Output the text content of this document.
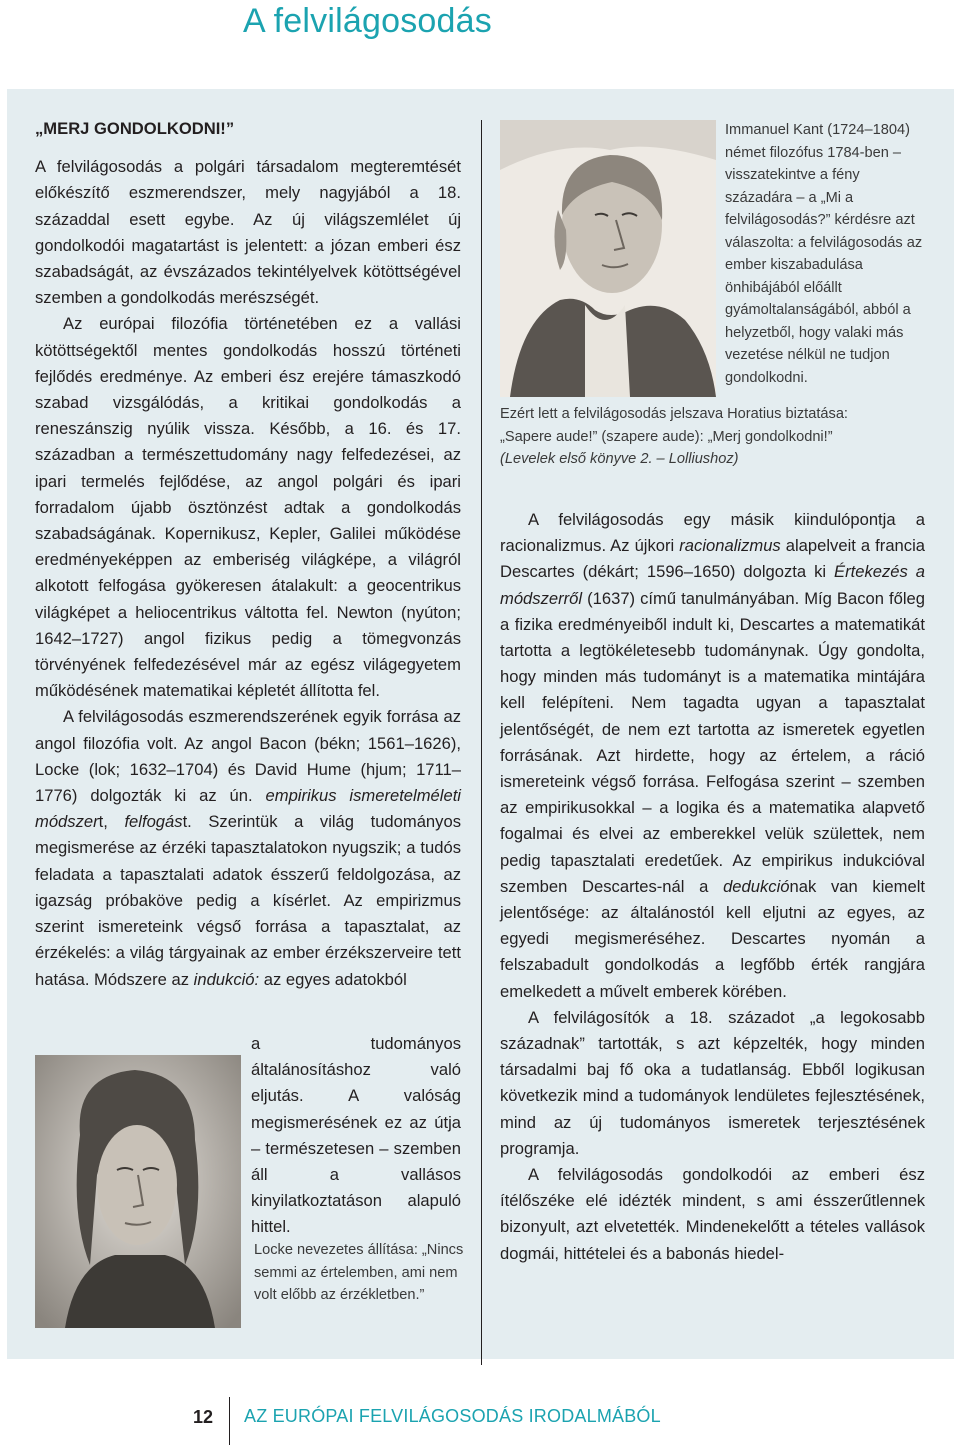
A felvilágosodás

„MERJ GONDOLKODNI!”

A felvilágosodás a polgári társadalom megteremtését előkészítő eszmerendszer, mely nagyjából a 18. századdal esett egybe. Az új világszemlélet új gondolkodói magatartást is jelentett: a józan emberi ész szabadságát, az évszázados tekintélyelvek kötöttségével szemben a gondolkodás merészségét.

Az európai filozófia történetében ez a vallási kötöttségektől mentes gondolkodás hosszú történeti fejlődés eredménye. Az emberi ész erejére támaszkodó szabad vizsgálódás, a kritikai gondolkodás a reneszánszig nyúlik vissza. Később, a 16. és 17. században a természettudomány nagy felfedezései, az ipari termelés fejlődése, az angol polgári és ipari forradalom újabb ösztönzést adtak a gondolkodás szabadságának. Kopernikusz, Kepler, Galilei működése eredményeképpen az emberiség világképe, a világról alkotott felfogása gyökeresen átalakult: a geocentrikus világképet a heliocentrikus váltotta fel. Newton (nyúton; 1642–1727) angol fizikus pedig a tömegvonzás törvényének felfedezésével már az egész világegyetem működésének matematikai képletét állította fel.

A felvilágosodás eszmerendszerének egyik forrása az angol filozófia volt. Az angol Bacon (békn; 1561–1626), Locke (lok; 1632–1704) és David Hume (hjum; 1711–1776) dolgozták ki az ún. empirikus ismeretelméleti módszert, felfogást. Szerintük a világ tudományos megismerése az érzéki tapasztalatokon nyugszik; a tudós feladata a tapasztalati adatok ésszerű feldolgozása, az igazság próbaköve pedig a kísérlet. Az empirizmus szerint ismereteink végső forrása a tapasztalat, az érzékelés: a világ tárgyainak az ember érzékszerveire tett hatása. Módszere az indukció: az egyes adatokból

a tudományos általánosításhoz való eljutás. A valóság megismerésének ez az útja – természetesen – szemben áll a vallásos kinyilatkoztatáson alapuló hittel.
Immanuel Kant (1724–1804) német filozófus 1784-ben – visszatekintve a fény századára – a „Mi a felvilágosodás?” kérdésre azt válaszolta: a felvilágosodás az ember kiszabadulása önhibájából előállt gyámoltalanságából, abból a helyzetből, hogy valaki más vezetése nélkül ne tudjon gondolkodni.
Ezért lett a felvilágosodás jelszava Horatius biztatása:
„Sapere aude!” (szapere aude): „Merj gondolkodni!”
(Levelek első könyve 2. – Lolliushoz)
Locke nevezetes állítása: „Nincs semmi az értelemben, ami nem volt előbb az érzékletben.”

A felvilágosodás egy másik kiindulópontja a racionalizmus. Az újkori racionalizmus alapelveit a francia Descartes (dékárt; 1596–1650) dolgozta ki Értekezés a módszerről (1637) című tanulmányában. Míg Bacon főleg a fizika eredményeiből indult ki, Descartes a matematikát tartotta a legtökéletesebb tudománynak. Úgy gondolta, hogy minden más tudományt is a matematika mintájára kell felépíteni. Nem tagadta ugyan a tapasztalat jelentőségét, de nem ezt tartotta az ismeretek egyetlen forrásának. Azt hirdette, hogy az értelem, a ráció ismereteink végső forrása. Felfogása szerint – szemben az empirikusokkal – a logika és a matematika alapvető fogalmai és elvei az emberekkel velük születtek, nem pedig tapasztalati eredetűek. Az empirikus indukcióval szemben Descartes-nál a dedukciónak van kiemelt jelentősége: az általánostól kell eljutni az egyes, az egyedi megismeréséhez. Descartes nyomán a felszabadult gondolkodás a legfőbb érték rangjára emelkedett a művelt emberek körében.

A felvilágosítók a 18. századot „a legokosabb századnak” tartották, s azt képzelték, hogy minden társadalmi baj fő oka a tudatlanság. Ebből logikusan következik mind a tudományok lendületes fejlesztésének, mind az új tudományos ismeretek terjesztésének programja.

A felvilágosodás gondolkodói az emberi ész ítélőszéke elé idézték mindent, s ami ésszerűtlennek bizonyult, azt elvetették. Mindenekelőtt a tételes vallások dogmái, hittételei és a babonás hiedel-

12 AZ EURÓPAI FELVILÁGOSODÁS IRODALMÁBÓL
